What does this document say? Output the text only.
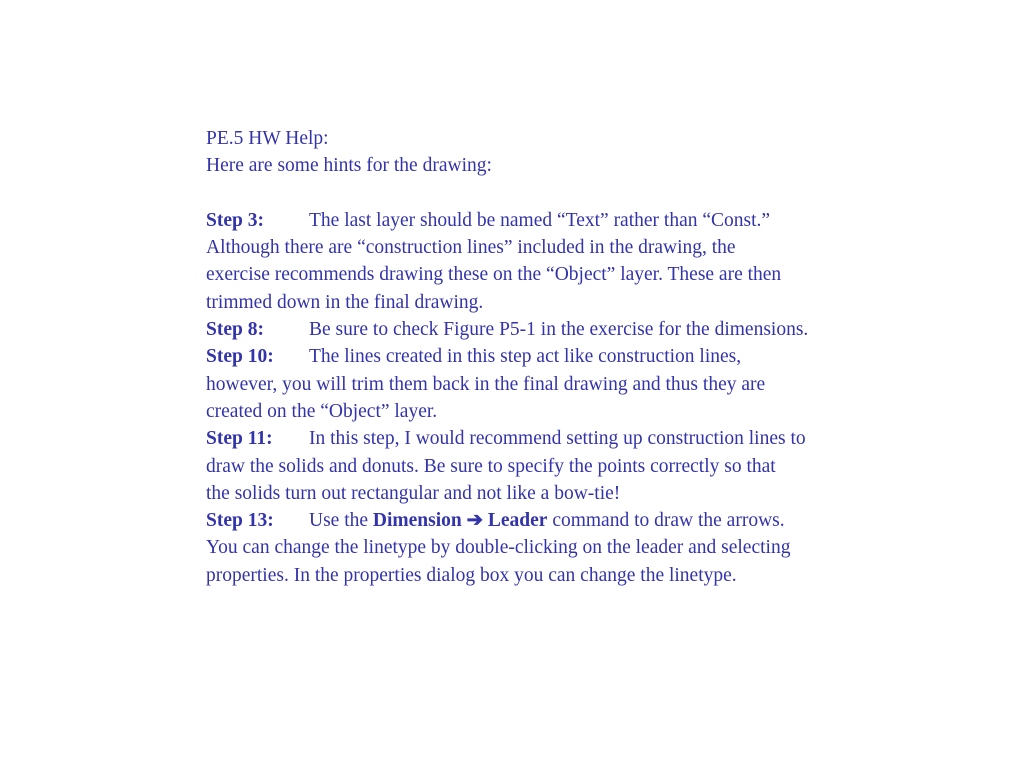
PE.5 HW Help:
Here are some hints for the drawing:
Step 3: The last layer should be named “Text” rather than “Const.”
Although there are “construction lines” included in the drawing, the
exercise recommends drawing these on the “Object” layer. These are then
trimmed down in the final drawing.
Step 8: Be sure to check Figure P5-1 in the exercise for the dimensions.
Step 10: The lines created in this step act like construction lines,
however, you will trim them back in the final drawing and thus they are
created on the “Object” layer.
Step 11: In this step, I would recommend setting up construction lines to
draw the solids and donuts. Be sure to specify the points correctly so that
the solids turn out rectangular and not like a bow-tie!
Step 13: Use the Dimension ➔ Leader command to draw the arrows.
You can change the linetype by double-clicking on the leader and selecting
properties. In the properties dialog box you can change the linetype.
